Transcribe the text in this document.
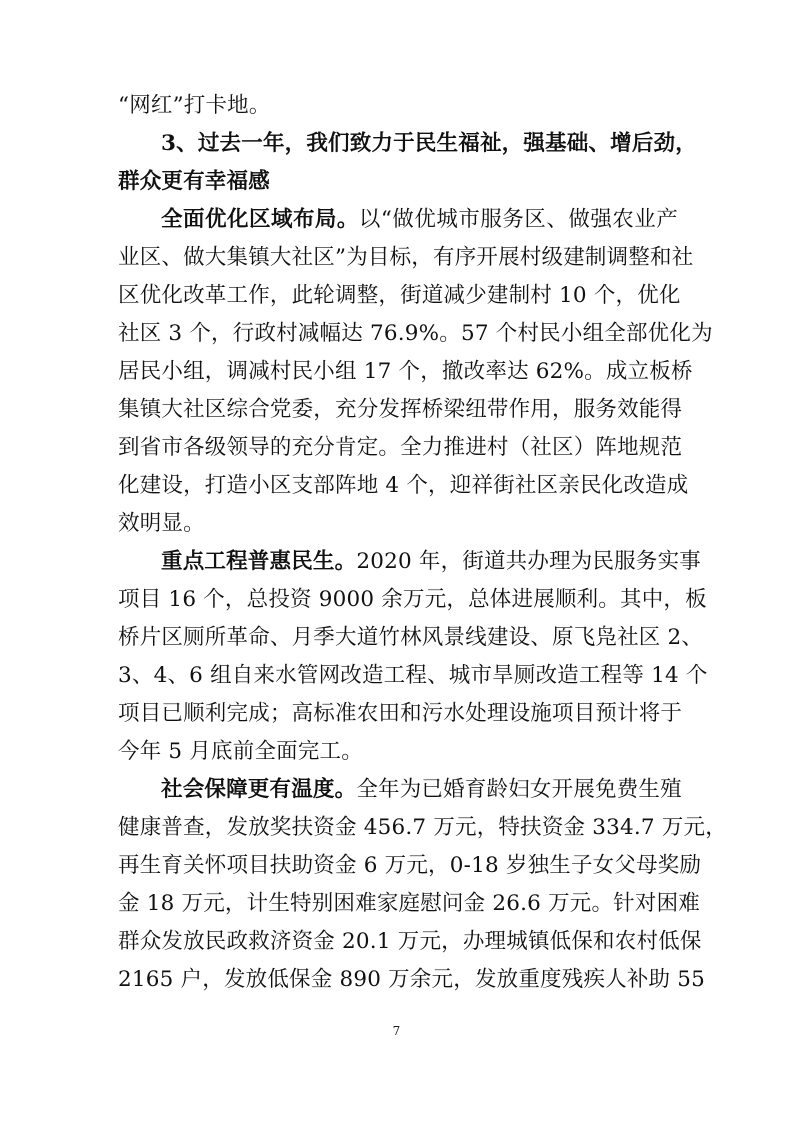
“网红”打卡地。
3、过去一年，我们致力于民生福祉，强基础、增后劲，
群众更有幸福感
全面优化区域布局。以“做优城市服务区、做强农业产
业区、做大集镇大社区”为目标，有序开展村级建制调整和社
区优化改革工作，此轮调整，街道减少建制村 10 个，优化
社区 3 个，行政村减幅达 76.9%。57 个村民小组全部优化为
居民小组，调减村民小组 17 个，撤改率达 62%。成立板桥
集镇大社区综合党委，充分发挥桥梁纽带作用，服务效能得
到省市各级领导的充分肯定。全力推进村（社区）阵地规范
化建设，打造小区支部阵地 4 个，迎祥街社区亲民化改造成
效明显。
重点工程普惠民生。2020 年，街道共办理为民服务实事
项目 16 个，总投资 9000 余万元，总体进展顺利。其中，板
桥片区厕所革命、月季大道竹林风景线建设、原飞凫社区 2、
3、4、6 组自来水管网改造工程、城市旱厕改造工程等 14 个
项目已顺利完成；高标准农田和污水处理设施项目预计将于
今年 5 月底前全面完工。
社会保障更有温度。全年为已婚育龄妇女开展免费生殖
健康普查，发放奖扶资金 456.7 万元，特扶资金 334.7 万元，
再生育关怀项目扶助资金 6 万元，0-18 岁独生子女父母奖励
金 18 万元，计生特别困难家庭慰问金 26.6 万元。针对困难
群众发放民政救济资金 20.1 万元，办理城镇低保和农村低保
2165 户，发放低保金 890 万余元，发放重度残疾人补助 55
7
